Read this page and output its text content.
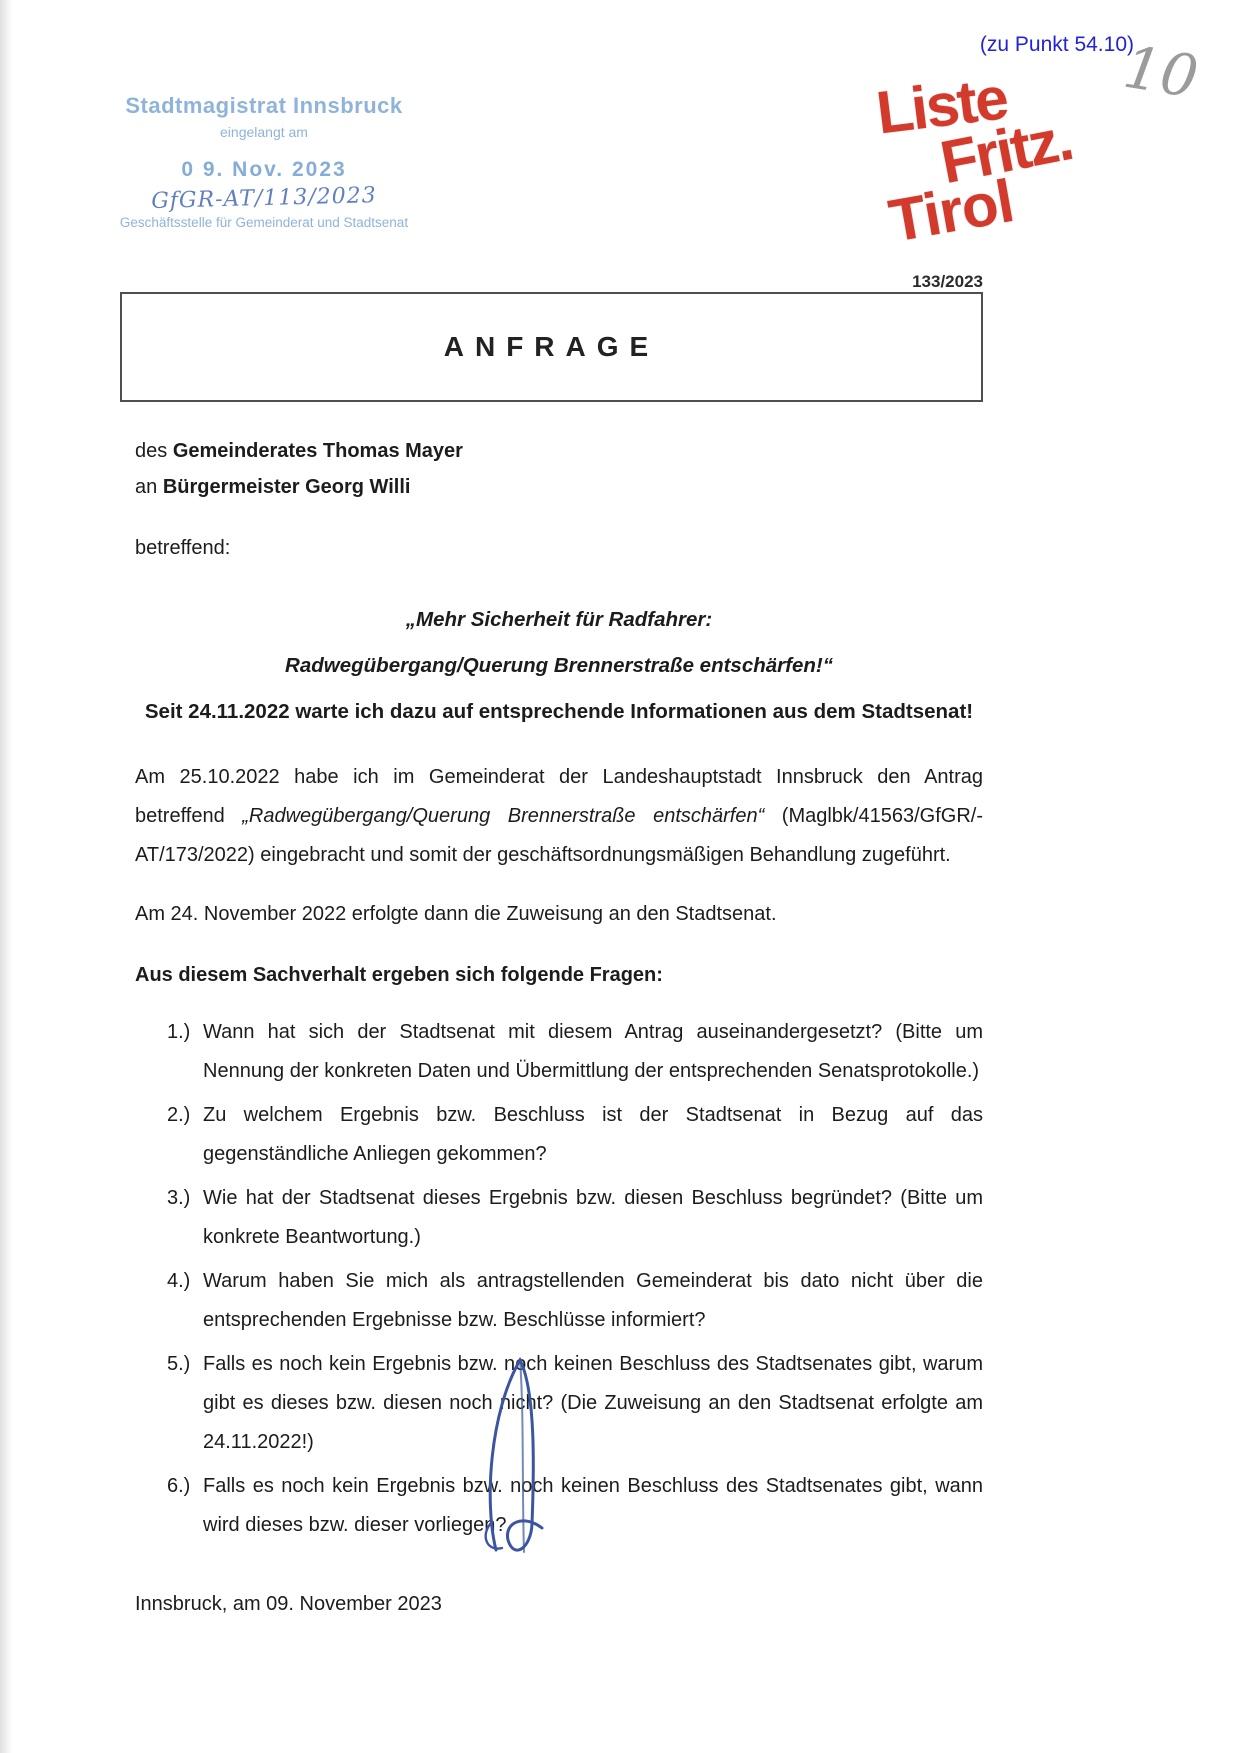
(zu Punkt 54.10)
10
Stadtmagistrat Innsbruck
eingelangt am
0 9. Nov. 2023
GfGR-AT/113/2023
Geschäftsstelle für Gemeinderat und Stadtsenat
Liste
Fritz.
Tirol
133/2023
ANFRAGE

des Gemeinderates Thomas Mayer

an Bürgermeister Georg Willi

betreffend:

„Mehr Sicherheit für Radfahrer:
Radwegübergang/Querung Brennerstraße entschärfen!“
Seit 24.11.2022 warte ich dazu auf entsprechende Informationen aus dem Stadtsenat!

Am 25.10.2022 habe ich im Gemeinderat der Landeshauptstadt Innsbruck den Antrag betreffend „Radwegübergang/Querung Brennerstraße entschärfen“ (Maglbk/41563/GfGR/-AT/173/2022) eingebracht und somit der geschäftsordnungsmäßigen Behandlung zugeführt.

Am 24. November 2022 erfolgte dann die Zuweisung an den Stadtsenat.

Aus diesem Sachverhalt ergeben sich folgende Fragen:

1.) Wann hat sich der Stadtsenat mit diesem Antrag auseinandergesetzt? (Bitte um Nennung der konkreten Daten und Übermittlung der entsprechenden Senatsprotokolle.)
2.) Zu welchem Ergebnis bzw. Beschluss ist der Stadtsenat in Bezug auf das gegenständliche Anliegen gekommen?
3.) Wie hat der Stadtsenat dieses Ergebnis bzw. diesen Beschluss begründet? (Bitte um konkrete Beantwortung.)
4.) Warum haben Sie mich als antragstellenden Gemeinderat bis dato nicht über die entsprechenden Ergebnisse bzw. Beschlüsse informiert?
5.) Falls es noch kein Ergebnis bzw. noch keinen Beschluss des Stadtsenates gibt, warum gibt es dieses bzw. diesen noch nicht? (Die Zuweisung an den Stadtsenat erfolgte am 24.11.2022!)
6.) Falls es noch kein Ergebnis bzw. noch keinen Beschluss des Stadtsenates gibt, wann wird dieses bzw. dieser vorliegen?

Innsbruck, am 09. November 2023
